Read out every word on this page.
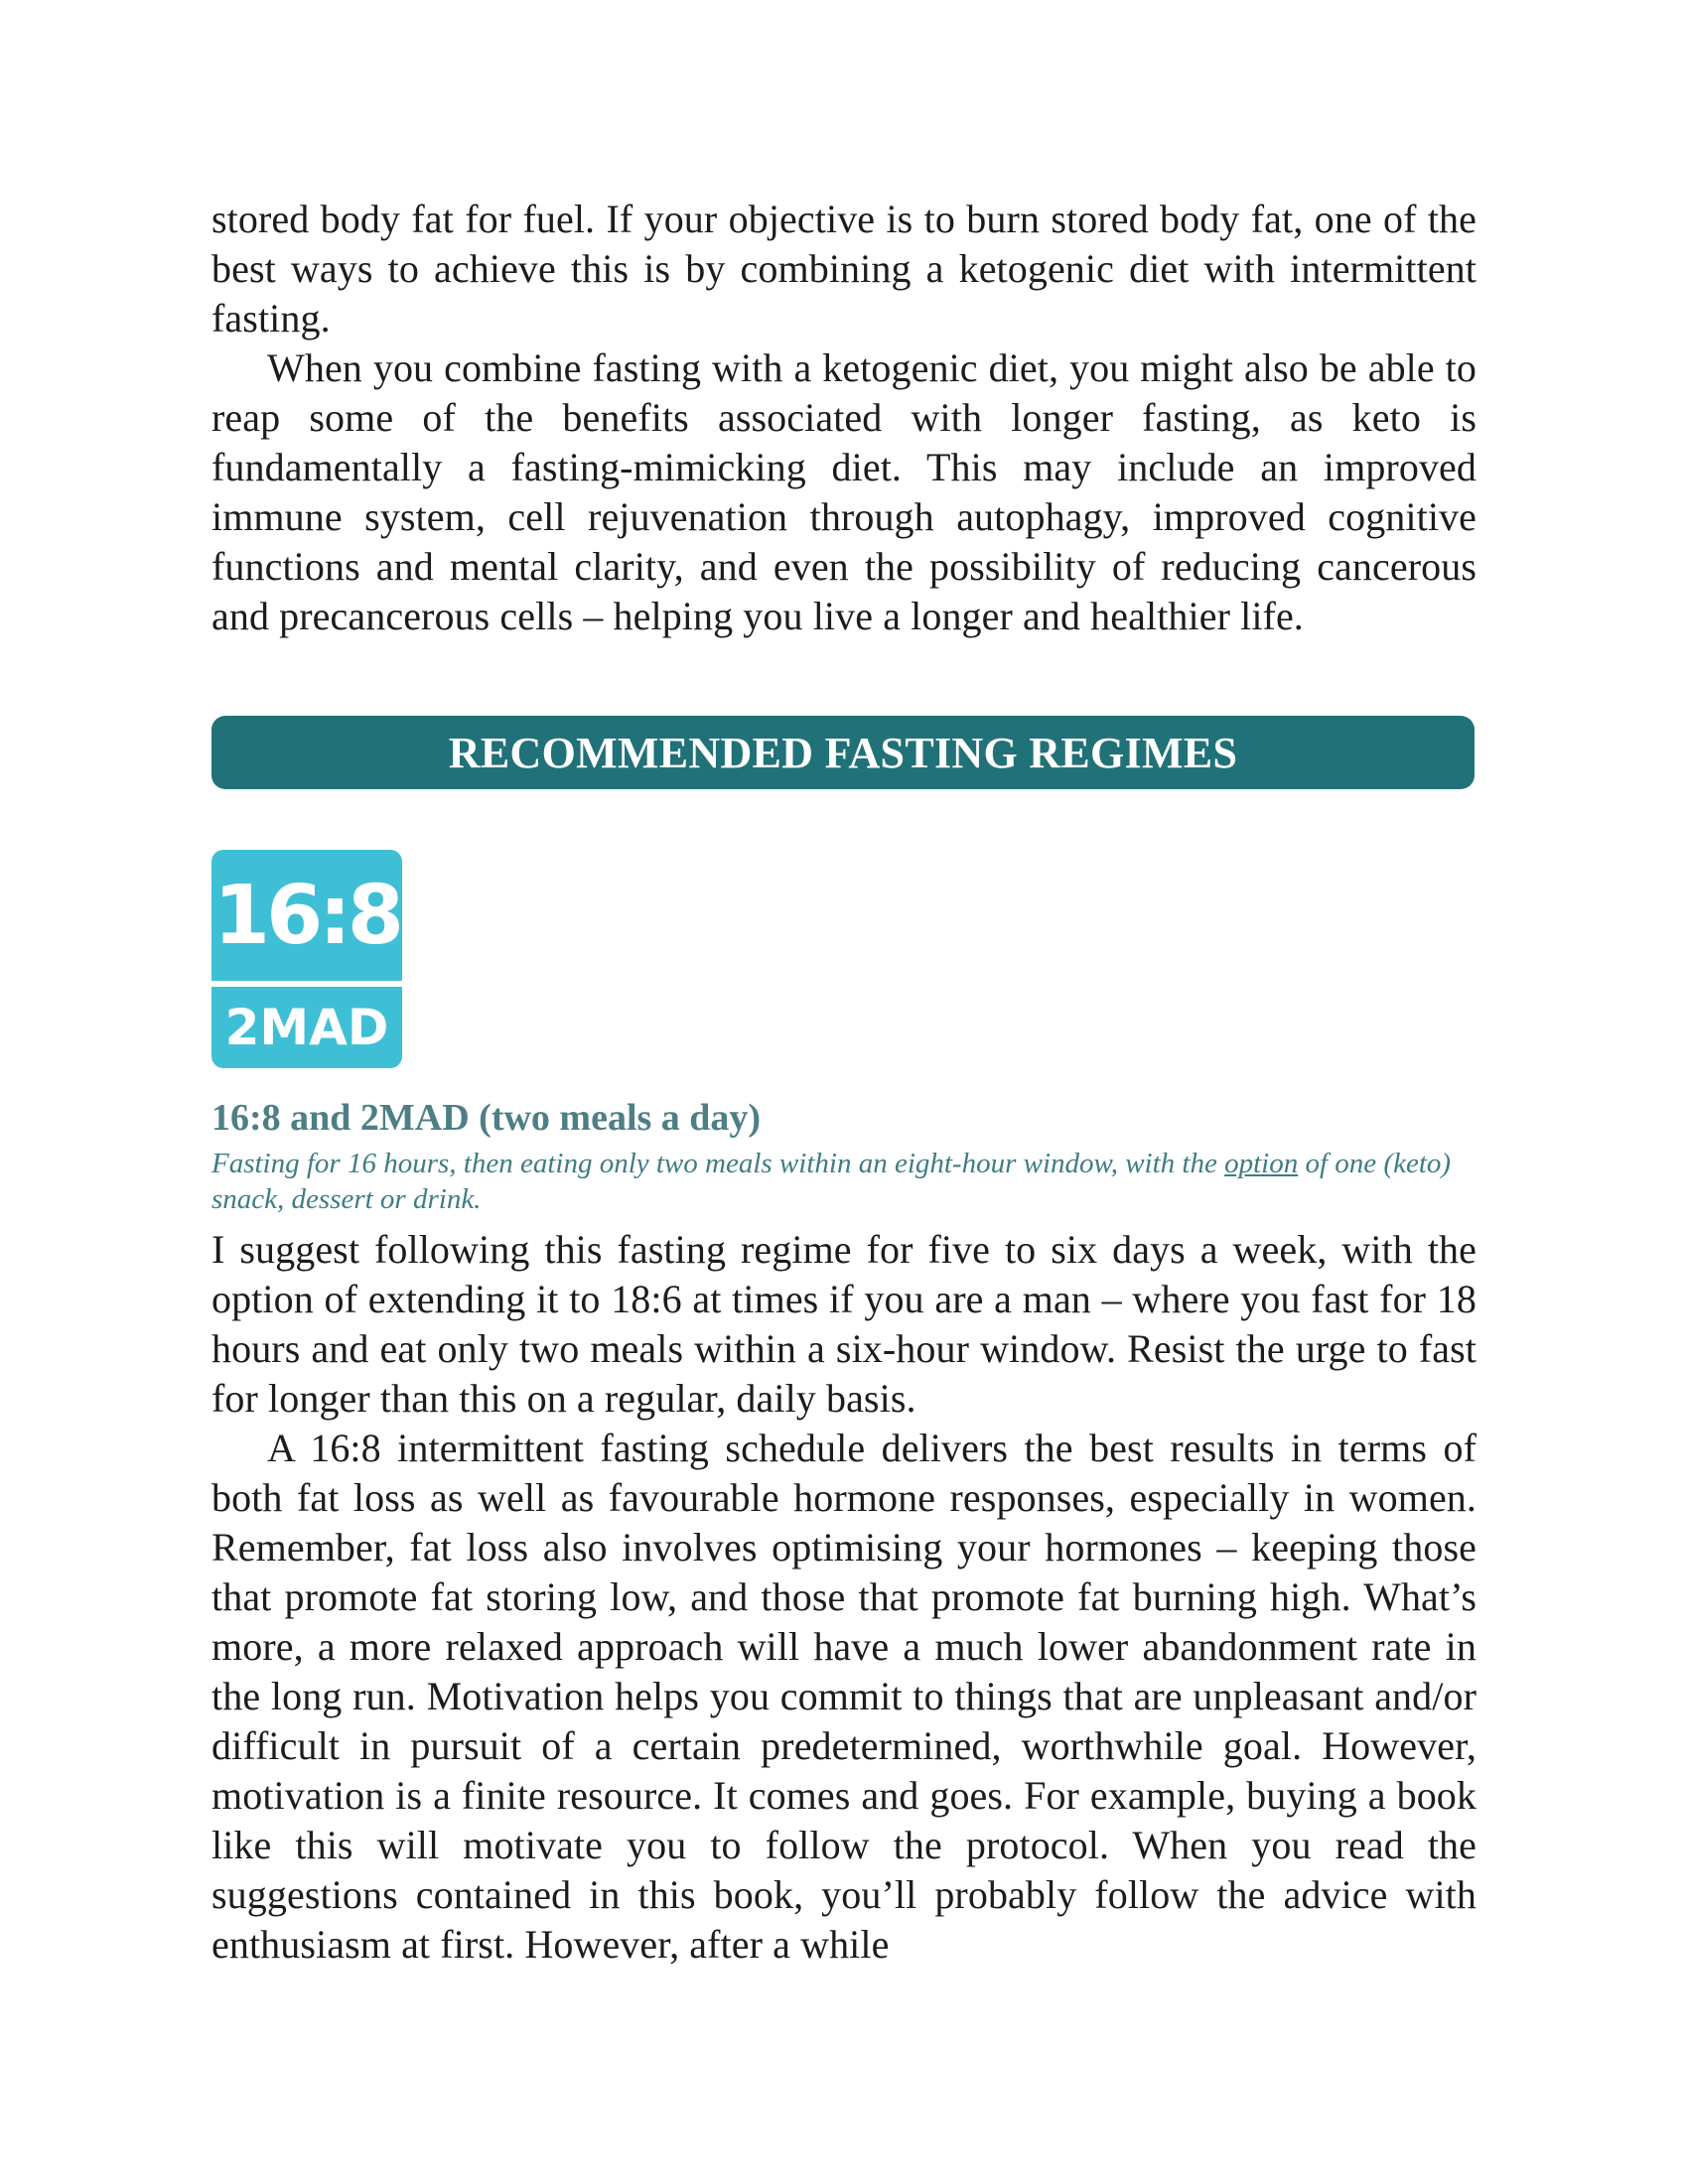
stored body fat for fuel. If your objective is to burn stored body fat, one of the best ways to achieve this is by combining a ketogenic diet with intermittent fasting.

When you combine fasting with a ketogenic diet, you might also be able to reap some of the benefits associated with longer fasting, as keto is fundamentally a fasting-mimicking diet. This may include an improved immune system, cell rejuvenation through autophagy, improved cognitive functions and mental clarity, and even the possibility of reducing cancerous and precancerous cells – helping you live a longer and healthier life.

RECOMMENDED FASTING REGIMES
16:8
2MAD
16:8 and 2MAD (two meals a day)

Fasting for 16 hours, then eating only two meals within an eight-hour window, with the option of one (keto) snack, dessert or drink.

I suggest following this fasting regime for five to six days a week, with the option of extending it to 18:6 at times if you are a man – where you fast for 18 hours and eat only two meals within a six-hour window. Resist the urge to fast for longer than this on a regular, daily basis.

A 16:8 intermittent fasting schedule delivers the best results in terms of both fat loss as well as favourable hormone responses, especially in women. Remember, fat loss also involves optimising your hormones – keeping those that promote fat storing low, and those that promote fat burning high. What’s more, a more relaxed approach will have a much lower abandonment rate in the long run. Motivation helps you commit to things that are unpleasant and/or difficult in pursuit of a certain predetermined, worthwhile goal. However, motivation is a finite resource. It comes and goes. For example, buying a book like this will motivate you to follow the protocol. When you read the suggestions contained in this book, you’ll probably follow the advice with enthusiasm at first. However, after a while
